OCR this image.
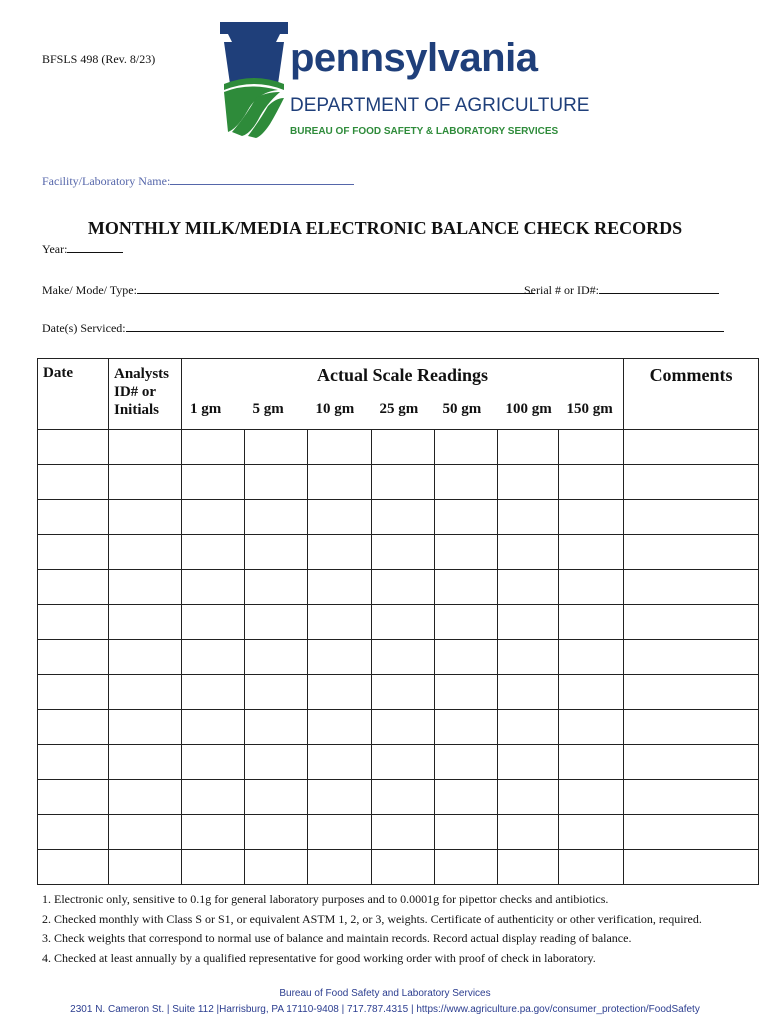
BFSLS 498 (Rev. 8/23)	pennsylvania
DEPARTMENT OF AGRICULTURE
BUREAU OF FOOD SAFETY & LABORATORY SERVICES
Facility/Laboratory Name:
MONTHLY MILK/MEDIA ELECTRONIC BALANCE CHECK RECORDS
Year:
Make/ Mode/ Type:	Serial # or ID#:
Date(s) Serviced:
Date	Analysts
ID# or
Initials	Actual Scale Readings							Comments
		1 gm	5 gm	10 gm	25 gm	50 gm	100 gm	150 gm	

1. Electronic only, sensitive to 0.1g for general laboratory purposes and to 0.0001g for pipettor checks and antibiotics.
2. Checked monthly with Class S or S1, or equivalent ASTM 1, 2, or 3, weights. Certificate of authenticity or other verification, required.
3. Check weights that correspond to normal use of balance and maintain records. Record actual display reading of balance.
4. Checked at least annually by a qualified representative for good working order with proof of check in laboratory.
Bureau of Food Safety and Laboratory Services
2301 N. Cameron St. | Suite 112 |Harrisburg, PA 17110-9408 | 717.787.4315 | https://www.agriculture.pa.gov/consumer_protection/FoodSafety
